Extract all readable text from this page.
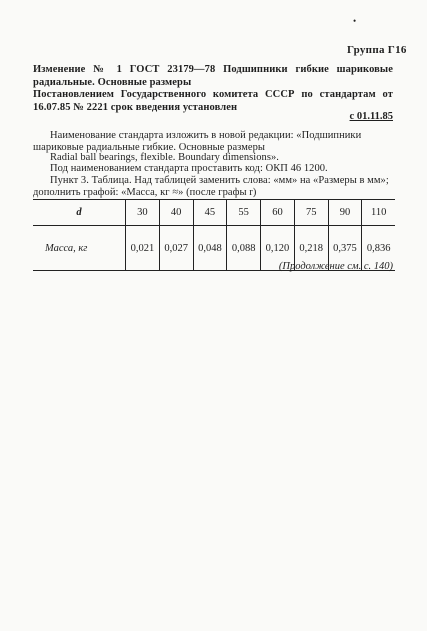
•
Группа Г16
Изменение № 1 ГОСТ 23179—78 Подшипники гибкие шариковые радиальные. Основные размеры
Постановлением Государственного комитета СССР по стандартам от 16.07.85 № 2221 срок введения установлен
с 01.11.85
Наименование стандарта изложить в новой редакции: «Подшипники шариковые радиальные гибкие. Основные размеры
Radial ball bearings, flexible. Boundary dimensions».
Под наименованием стандарта проставить код: ОКП 46 1200.
Пункт 3. Таблица. Над таблицей заменить слова: «мм» на «Размеры в мм»; дополнить графой: «Масса, кг ≈» (после графы r)
d	30	40	45	55	60	75	90	110
Масса, кг	0,021	0,027	0,048	0,088	0,120	0,218	0,375	0,836
(Продолжение см. с. 140)
